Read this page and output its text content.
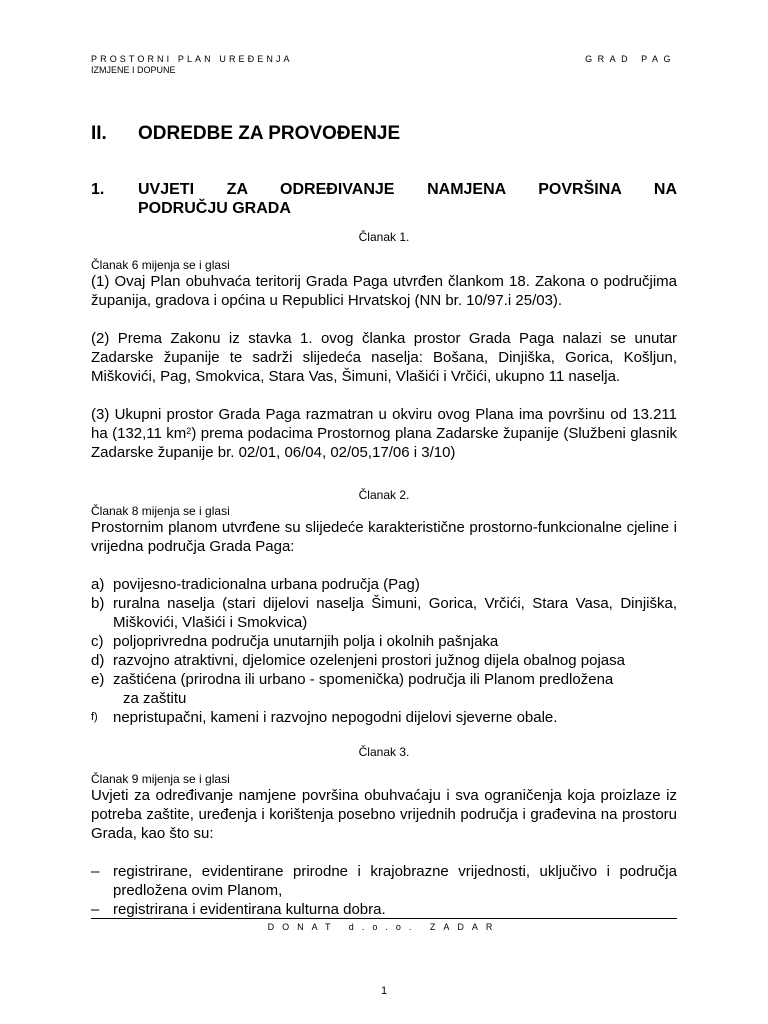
PROSTORNI PLAN UREĐENJA	GRAD PAG
IZMJENE I DOPUNE
II.	ODREDBE ZA PROVOĐENJE
1.	UVJETI ZA ODREĐIVANJE NAMJENA POVRŠINA NA
PODRUČJU GRADA
Članak 1.
Članak 6 mijenja se i glasi

(1) Ovaj Plan obuhvaća teritorij Grada Paga utvrđen člankom 18. Zakona o područjima županija, gradova i općina u Republici Hrvatskoj (NN br. 10/97.i 25/03).

(2) Prema Zakonu iz stavka 1. ovog članka prostor Grada Paga nalazi se unutar Zadarske županije te sadrži slijedeća naselja: Bošana, Dinjiška, Gorica, Košljun, Miškovići, Pag, Smokvica, Stara Vas, Šimuni, Vlašići i Vrčići, ukupno 11 naselja.

(3) Ukupni prostor Grada Paga razmatran u okviru ovog Plana ima površinu od 13.211 ha (132,11 $km^2$) prema podacima Prostornog plana Zadarske županije (Službeni glasnik Zadarske županije br. 02/01, 06/04, 02/05,17/06 i 3/10)

Članak 2.
Članak 8 mijenja se i glasi

Prostornim planom utvrđene su slijedeće karakteristične prostorno-funkcionalne cjeline i vrijedna područja Grada Paga:

a) povijesno-tradicionalna urbana područja (Pag)
b) ruralna naselja (stari dijelovi naselja Šimuni, Gorica, Vrčići, Stara Vasa, Dinjiška, Miškovići, Vlašići i Smokvica)
c) poljoprivredna područja unutarnjih polja i okolnih pašnjaka
d) razvojno atraktivni, djelomice ozelenjeni prostori južnog dijela obalnog pojasa
e) zaštićena (prirodna ili urbano - spomenička) područja ili Planom predložena
za zaštitu
f)	nepristupačni, kameni i razvojno nepogodni dijelovi sjeverne obale.
Članak 3.
Članak 9 mijenja se i glasi

Uvjeti za određivanje namjene površina obuhvaćaju i sva ograničenja koja proizlaze iz potreba zaštite, uređenja i korištenja posebno vrijednih područja i građevina na prostoru Grada, kao što su:

– registrirane, evidentirane prirodne i krajobrazne vrijednosti, uključivo i područja predložena ovim Planom,
– registrirana i evidentirana kulturna dobra.
DONAT d.o.o. ZADAR
1
